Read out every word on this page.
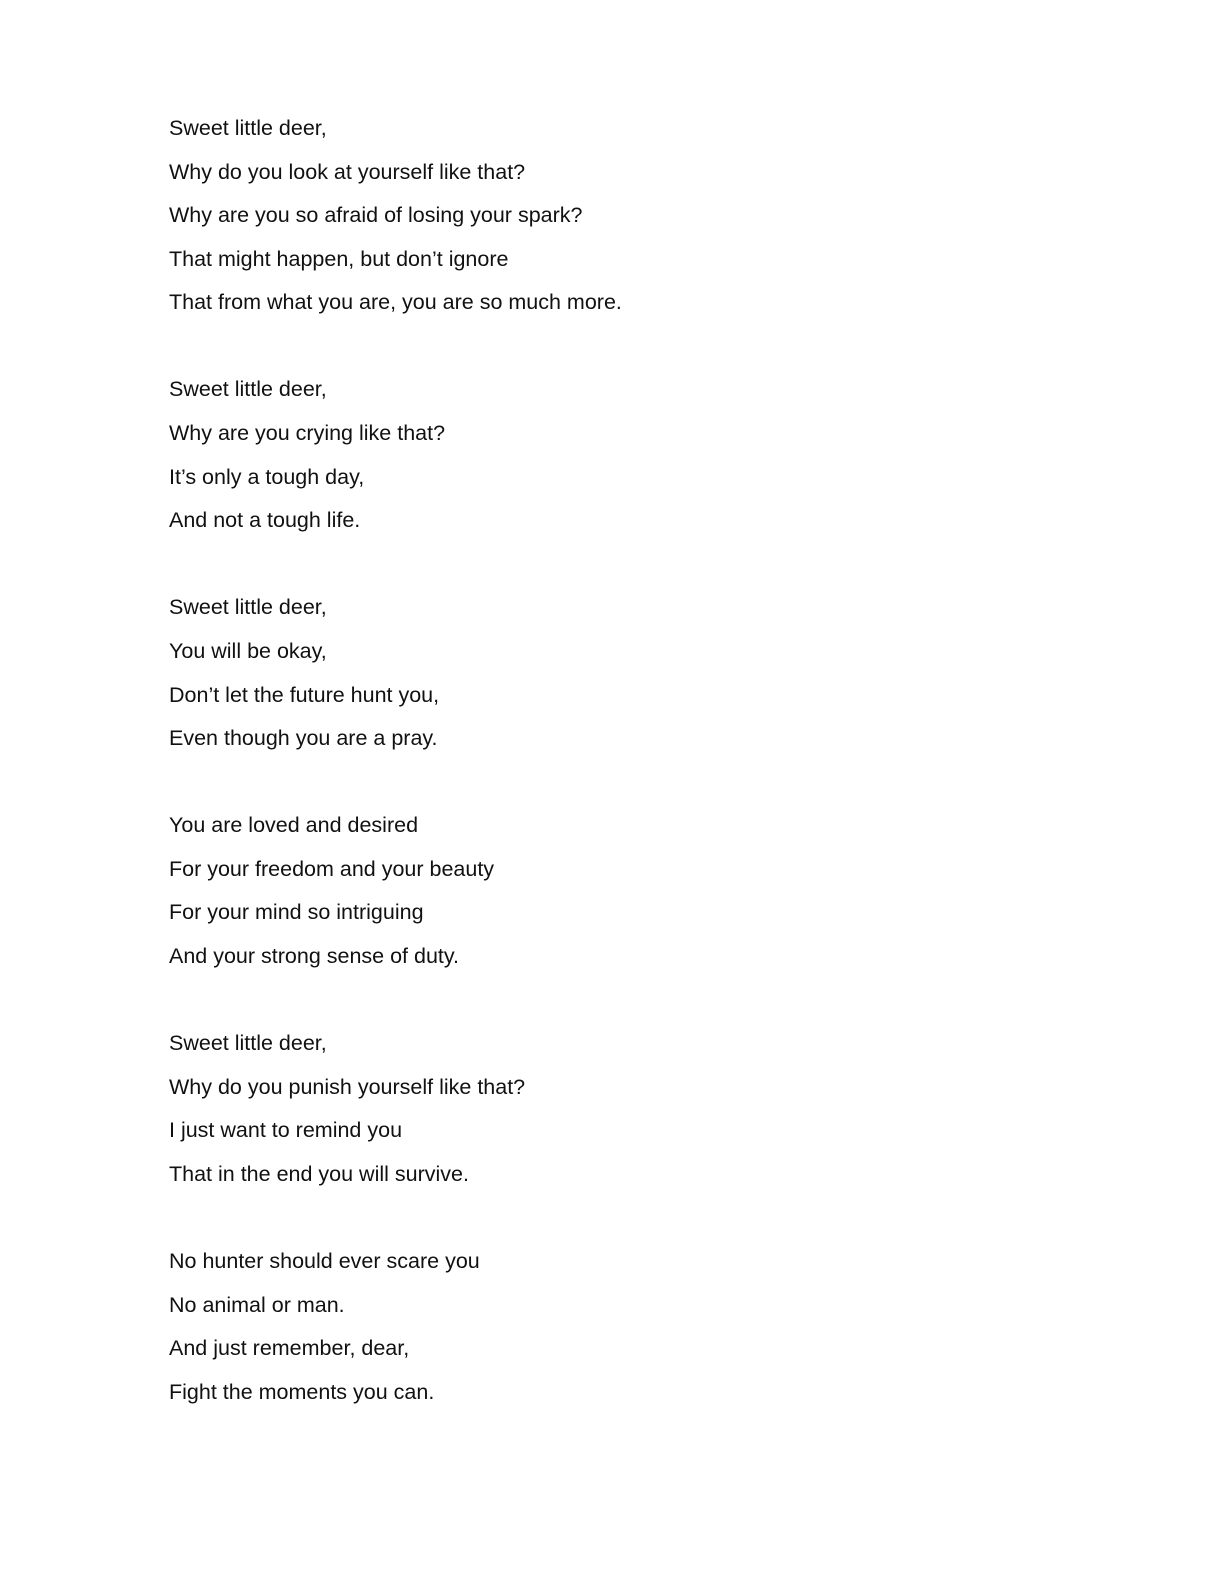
Sweet little deer,
Why do you look at yourself like that?
Why are you so afraid of losing your spark?
That might happen, but don’t ignore
That from what you are, you are so much more.
Sweet little deer,
Why are you crying like that?
It’s only a tough day,
And not a tough life.
Sweet little deer,
You will be okay,
Don’t let the future hunt you,
Even though you are a pray.
You are loved and desired
For your freedom and your beauty
For your mind so intriguing
And your strong sense of duty.
Sweet little deer,
Why do you punish yourself like that?
I just want to remind you
That in the end you will survive.
No hunter should ever scare you
No animal or man.
And just remember, dear,
Fight the moments you can.
